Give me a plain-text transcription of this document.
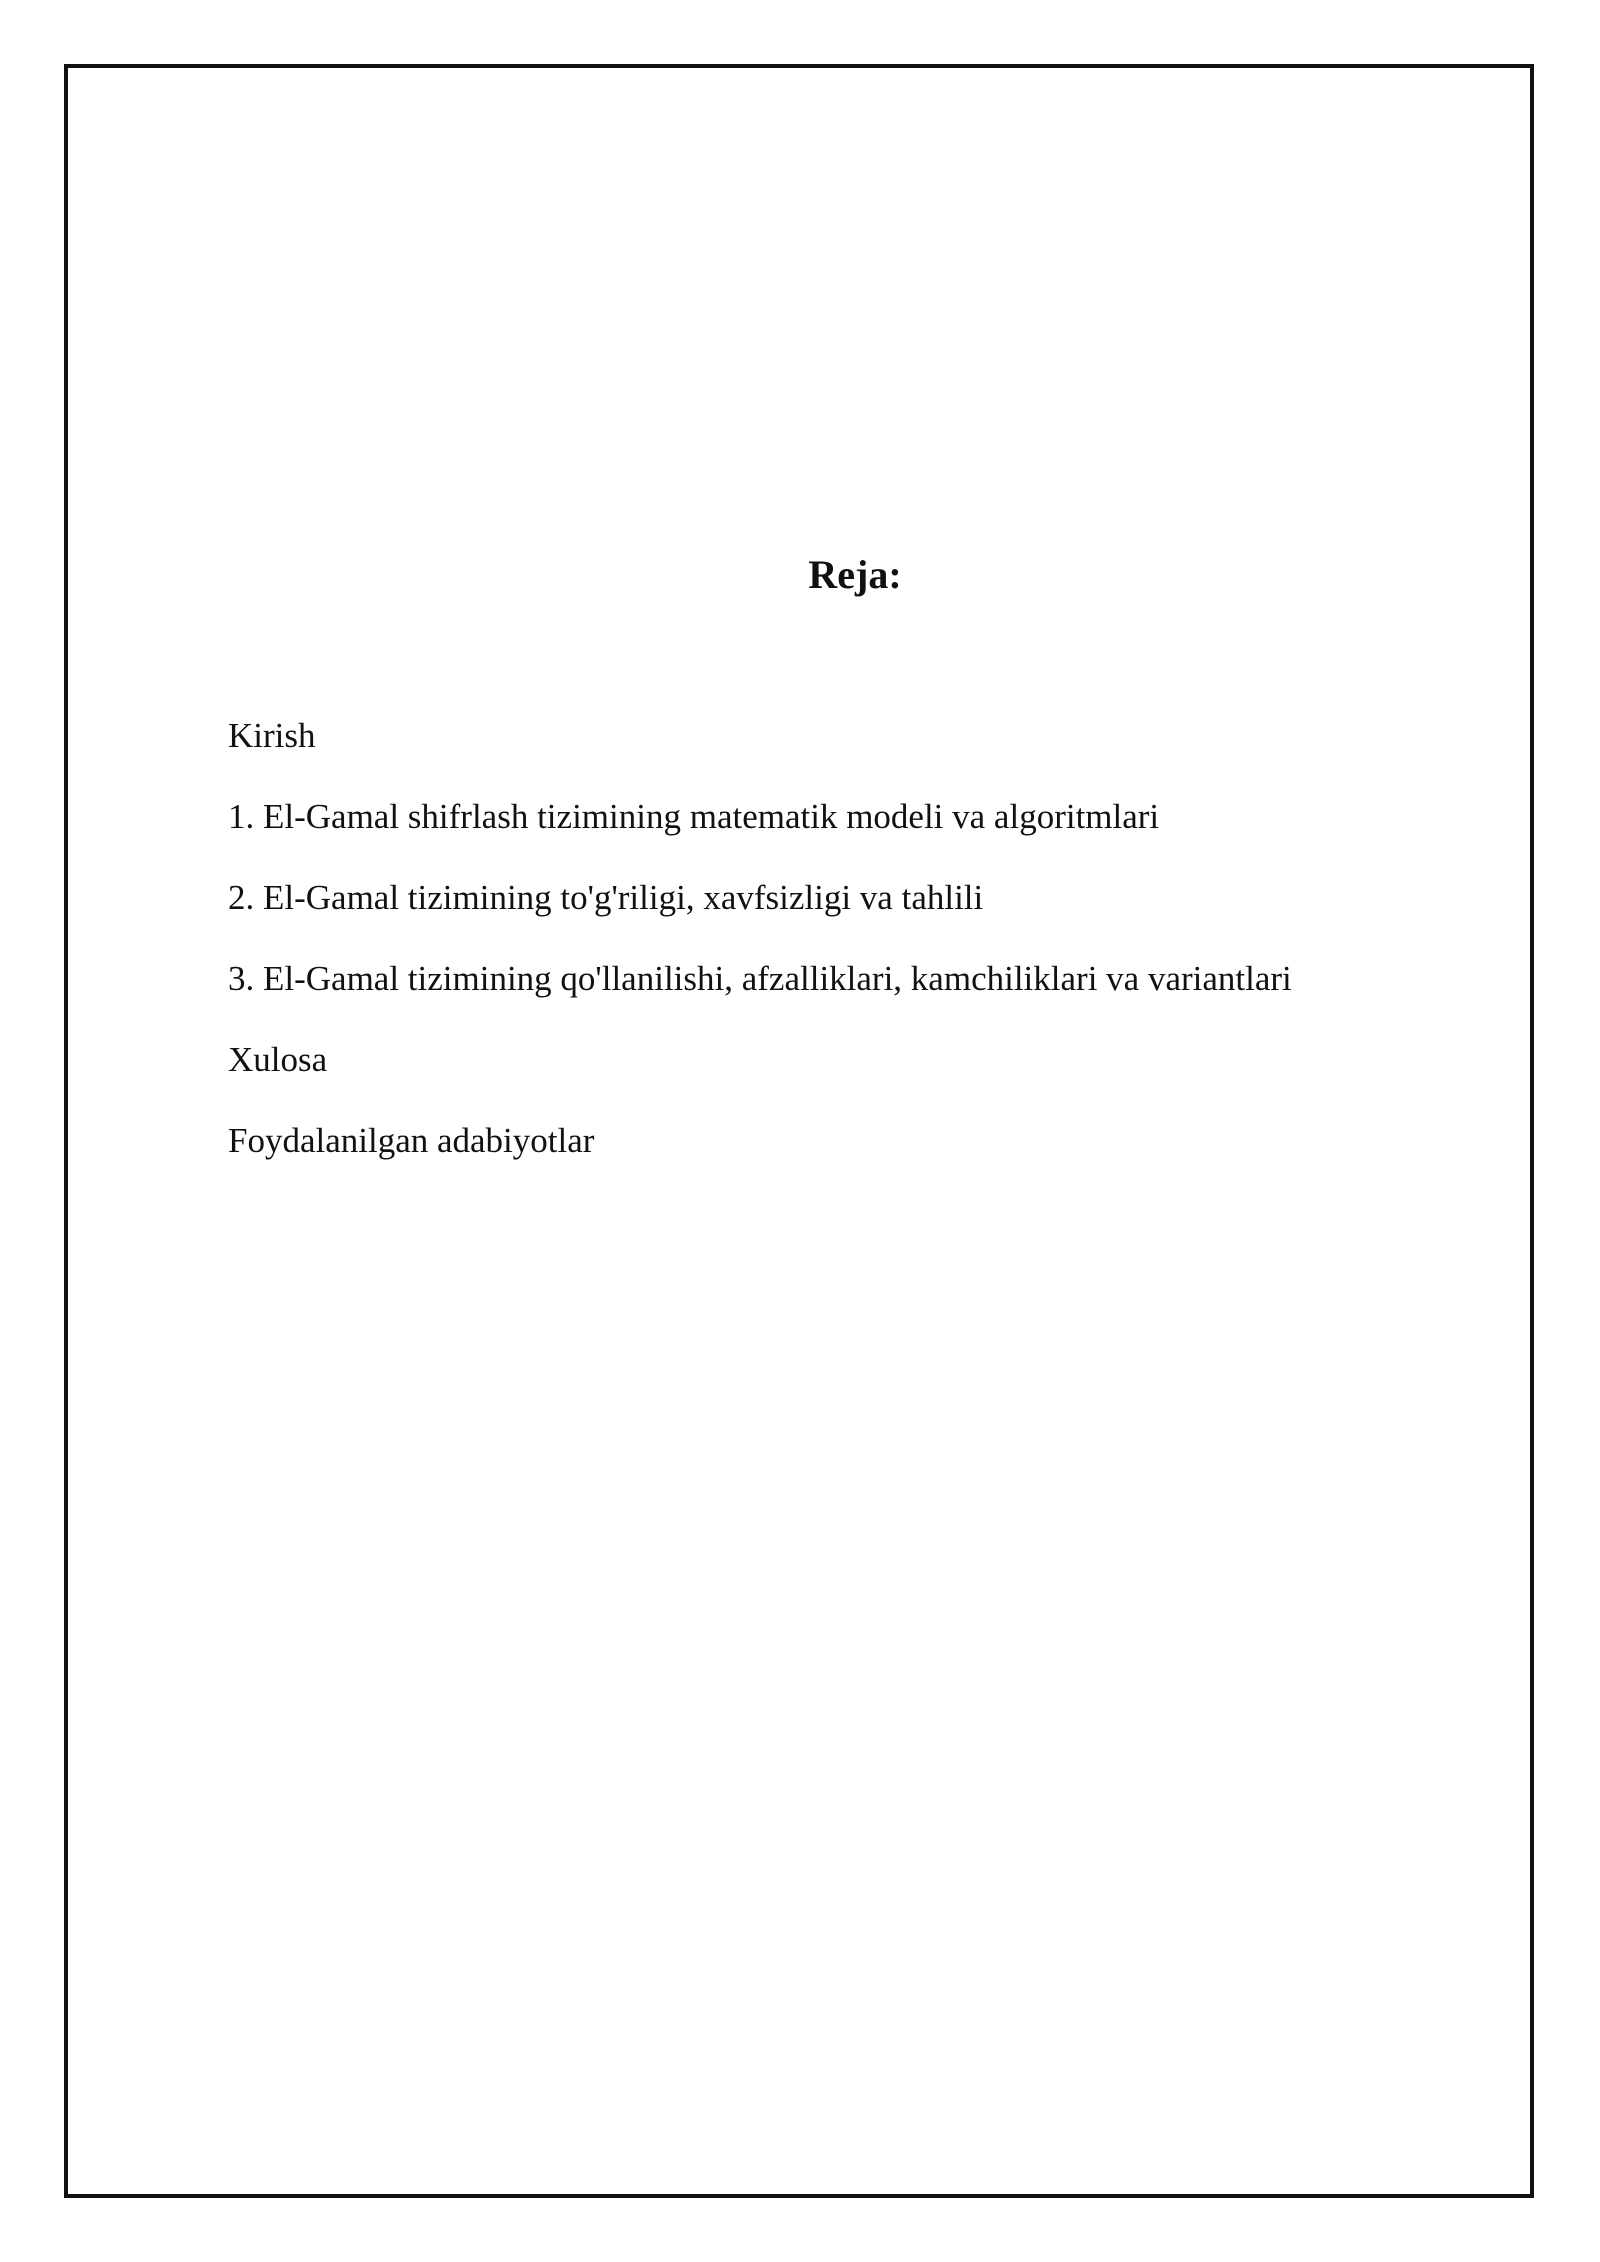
Reja:
Kirish
1. El-Gamal shifrlash tizimining matematik modeli va algoritmlari
2. El-Gamal tizimining to'g'riligi, xavfsizligi va tahlili
3. El-Gamal tizimining qo'llanilishi, afzalliklari, kamchiliklari va variantlari
Xulosa
Foydalanilgan adabiyotlar
